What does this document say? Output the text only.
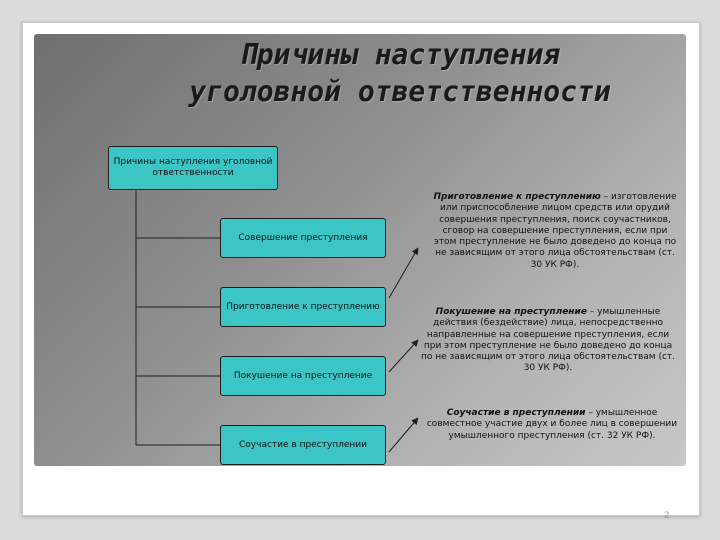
Причины наступления
уголовной ответственности
Причины наступления уголовной ответственности
Совершение преступления
Приготовление к преступлению
Покушение на преступление
Соучастие в преступлении

Приготовление к преступлению – изготовление или приспособление лицом средств или орудий совершения преступления, поиск соучастников, сговор на совершение преступления, если при этом преступление не было доведено до конца по не зависящим от этого лица обстоятельствам (ст. 30 УК РФ).

Покушение на преступление – умышленные действия (бездействие) лица, непосредственно направленные на совершение преступления, если при этом преступление не было доведено до конца по не зависящим от этого лица обстоятельствам (ст. 30 УК РФ).

Соучастие в преступлении – умышленное совместное участие двух и более лиц в совершении умышленного преступления (ст. 32 УК РФ).

2
